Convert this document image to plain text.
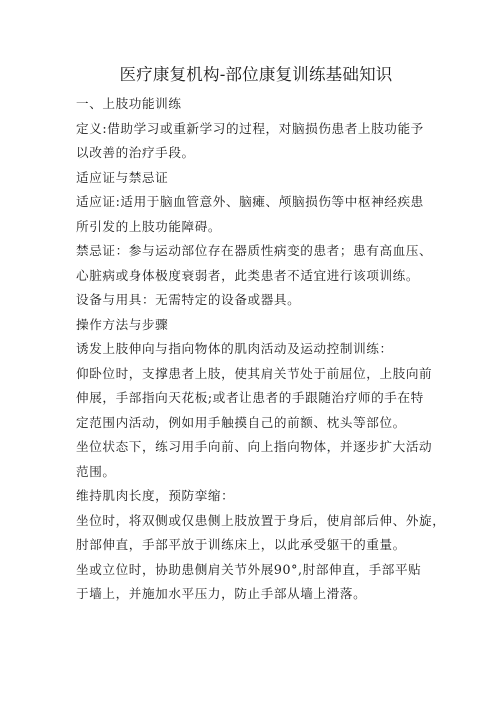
医疗康复机构-部位康复训练基础知识

一、上肢功能训练

定义:借助学习或重新学习的过程，对脑损伤患者上肢功能予

以改善的治疗手段。

适应证与禁忌证

适应证:适用于脑血管意外、脑瘫、颅脑损伤等中枢神经疾患

所引发的上肢功能障碍。

禁忌证：参与运动部位存在器质性病变的患者；患有高血压、

心脏病或身体极度衰弱者，此类患者不适宜进行该项训练。

设备与用具：无需特定的设备或器具。

操作方法与步骤

诱发上肢伸向与指向物体的肌肉活动及运动控制训练：

仰卧位时，支撑患者上肢，使其肩关节处于前屈位，上肢向前

伸展，手部指向天花板;或者让患者的手跟随治疗师的手在特

定范围内活动，例如用手触摸自己的前额、枕头等部位。

坐位状态下，练习用手向前、向上指向物体，并逐步扩大活动

范围。

维持肌肉长度，预防挛缩：

坐位时，将双侧或仅患侧上肢放置于身后，使肩部后伸、外旋，

肘部伸直，手部平放于训练床上，以此承受躯干的重量。

坐或立位时，协助患侧肩关节外展90°,肘部伸直，手部平贴

于墙上，并施加水平压力，防止手部从墙上滑落。
